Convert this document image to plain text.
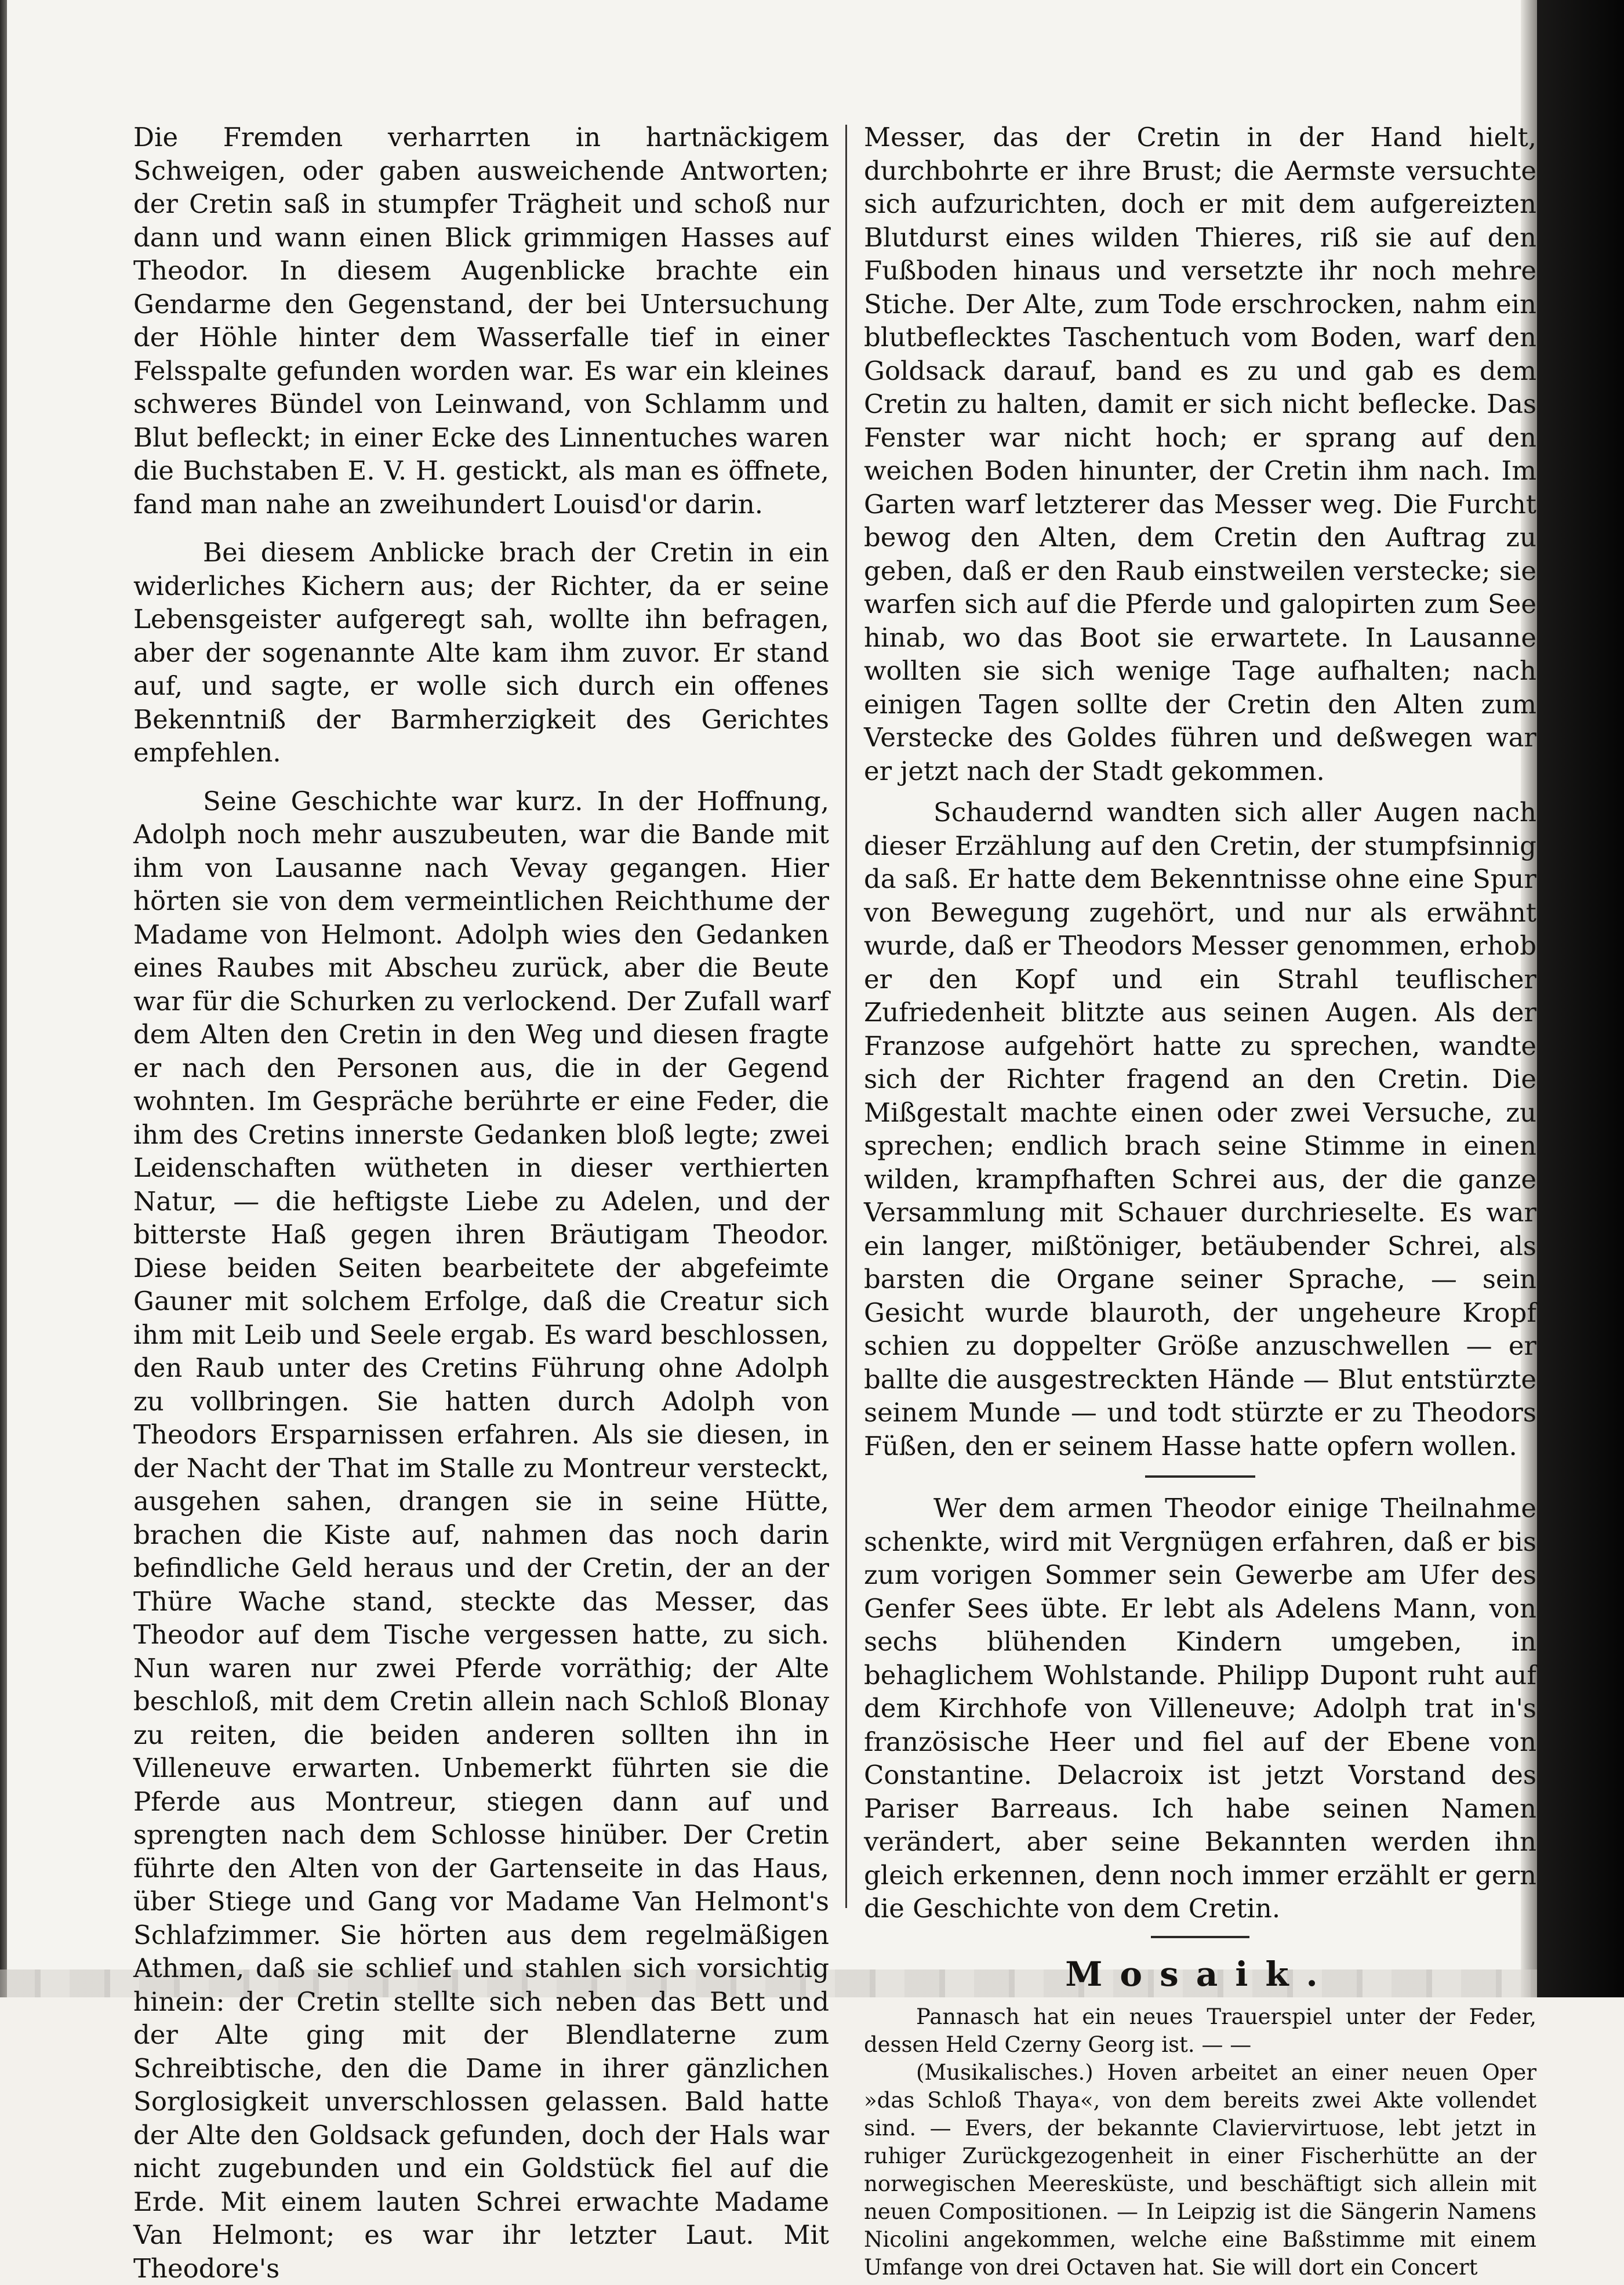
Die Fremden verharrten in hartnäckigem Schweigen, oder gaben ausweichende Antworten; der Cretin saß in stumpfer Trägheit und schoß nur dann und wann einen Blick grimmigen Hasses auf Theodor. In diesem Augenblicke brachte ein Gendarme den Gegenstand, der bei Untersuchung der Höhle hinter dem Wasserfalle tief in einer Felsspalte gefunden worden war. Es war ein kleines schweres Bündel von Leinwand, von Schlamm und Blut befleckt; in einer Ecke des Linnentuches waren die Buchstaben E. V. H. gestickt, als man es öffnete, fand man nahe an zweihundert Louisd'or darin.

Bei diesem Anblicke brach der Cretin in ein widerliches Kichern aus; der Richter, da er seine Lebensgeister aufgeregt sah, wollte ihn befragen, aber der sogenannte Alte kam ihm zuvor. Er stand auf, und sagte, er wolle sich durch ein offenes Bekenntniß der Barmherzigkeit des Gerichtes empfehlen.

Seine Geschichte war kurz. In der Hoffnung, Adolph noch mehr auszubeuten, war die Bande mit ihm von Lausanne nach Vevay gegangen. Hier hörten sie von dem vermeintlichen Reichthume der Madame von Helmont. Adolph wies den Gedanken eines Raubes mit Abscheu zurück, aber die Beute war für die Schurken zu verlockend. Der Zufall warf dem Alten den Cretin in den Weg und diesen fragte er nach den Personen aus, die in der Gegend wohnten. Im Gespräche berührte er eine Feder, die ihm des Cretins innerste Gedanken bloß legte; zwei Leidenschaften wütheten in dieser verthierten Natur, — die heftigste Liebe zu Adelen, und der bitterste Haß gegen ihren Bräutigam Theodor. Diese beiden Seiten bearbeitete der abgefeimte Gauner mit solchem Erfolge, daß die Creatur sich ihm mit Leib und Seele ergab. Es ward beschlossen, den Raub unter des Cretins Führung ohne Adolph zu vollbringen. Sie hatten durch Adolph von Theodors Ersparnissen erfahren. Als sie diesen, in der Nacht der That im Stalle zu Montreur versteckt, ausgehen sahen, drangen sie in seine Hütte, brachen die Kiste auf, nahmen das noch darin befindliche Geld heraus und der Cretin, der an der Thüre Wache stand, steckte das Messer, das Theodor auf dem Tische vergessen hatte, zu sich. Nun waren nur zwei Pferde vorräthig; der Alte beschloß, mit dem Cretin allein nach Schloß Blonay zu reiten, die beiden anderen sollten ihn in Villeneuve erwarten. Unbemerkt führten sie die Pferde aus Montreur, stiegen dann auf und sprengten nach dem Schlosse hinüber. Der Cretin führte den Alten von der Gartenseite in das Haus, über Stiege und Gang vor Madame Van Helmont's Schlafzimmer. Sie hörten aus dem regelmäßigen Athmen, daß sie schlief und stahlen sich vorsichtig hinein: der Cretin stellte sich neben das Bett und der Alte ging mit der Blendlaterne zum Schreibtische, den die Dame in ihrer gänzlichen Sorglosigkeit unverschlossen gelassen. Bald hatte der Alte den Goldsack gefunden, doch der Hals war nicht zugebunden und ein Goldstück fiel auf die Erde. Mit einem lauten Schrei erwachte Madame Van Helmont; es war ihr letzter Laut. Mit Theodore's

Messer, das der Cretin in der Hand hielt, durchbohrte er ihre Brust; die Aermste versuchte sich aufzurichten, doch er mit dem aufgereizten Blutdurst eines wilden Thieres, riß sie auf den Fußboden hinaus und versetzte ihr noch mehre Stiche. Der Alte, zum Tode erschrocken, nahm ein blutbeflecktes Taschentuch vom Boden, warf den Goldsack darauf, band es zu und gab es dem Cretin zu halten, damit er sich nicht beflecke. Das Fenster war nicht hoch; er sprang auf den weichen Boden hinunter, der Cretin ihm nach. Im Garten warf letzterer das Messer weg. Die Furcht bewog den Alten, dem Cretin den Auftrag zu geben, daß er den Raub einstweilen verstecke; sie warfen sich auf die Pferde und galopirten zum See hinab, wo das Boot sie erwartete. In Lausanne wollten sie sich wenige Tage aufhalten; nach einigen Tagen sollte der Cretin den Alten zum Verstecke des Goldes führen und deßwegen war er jetzt nach der Stadt gekommen.

Schaudernd wandten sich aller Augen nach dieser Erzählung auf den Cretin, der stumpfsinnig da saß. Er hatte dem Bekenntnisse ohne eine Spur von Bewegung zugehört, und nur als erwähnt wurde, daß er Theodors Messer genommen, erhob er den Kopf und ein Strahl teuflischer Zufriedenheit blitzte aus seinen Augen. Als der Franzose aufgehört hatte zu sprechen, wandte sich der Richter fragend an den Cretin. Die Mißgestalt machte einen oder zwei Versuche, zu sprechen; endlich brach seine Stimme in einen wilden, krampfhaften Schrei aus, der die ganze Versammlung mit Schauer durchrieselte. Es war ein langer, mißtöniger, betäubender Schrei, als barsten die Organe seiner Sprache, — sein Gesicht wurde blauroth, der ungeheure Kropf schien zu doppelter Größe anzuschwellen — er ballte die ausgestreckten Hände — Blut entstürzte seinem Munde — und todt stürzte er zu Theodors Füßen, den er seinem Hasse hatte opfern wollen.

Wer dem armen Theodor einige Theilnahme schenkte, wird mit Vergnügen erfahren, daß er bis zum vorigen Sommer sein Gewerbe am Ufer des Genfer Sees übte. Er lebt als Adelens Mann, von sechs blühenden Kindern umgeben, in behaglichem Wohlstande. Philipp Dupont ruht auf dem Kirchhofe von Villeneuve; Adolph trat in's französische Heer und fiel auf der Ebene von Constantine. Delacroix ist jetzt Vorstand des Pariser Barreaus. Ich habe seinen Namen verändert, aber seine Bekannten werden ihn gleich erkennen, denn noch immer erzählt er gern die Geschichte von dem Cretin.

Mosaik.

Pannasch hat ein neues Trauerspiel unter der Feder, dessen Held Czerny Georg ist. — —

(Musikalisches.) Hoven arbeitet an einer neuen Oper »das Schloß Thaya«, von dem bereits zwei Akte vollendet sind. — Evers, der bekannte Claviervirtuose, lebt jetzt in ruhiger Zurückgezogenheit in einer Fischerhütte an der norwegischen Meeresküste, und beschäftigt sich allein mit neuen Compositionen. — In Leipzig ist die Sängerin Namens Nicolini angekommen, welche eine Baßstimme mit einem Umfange von drei Octaven hat. Sie will dort ein Concert
